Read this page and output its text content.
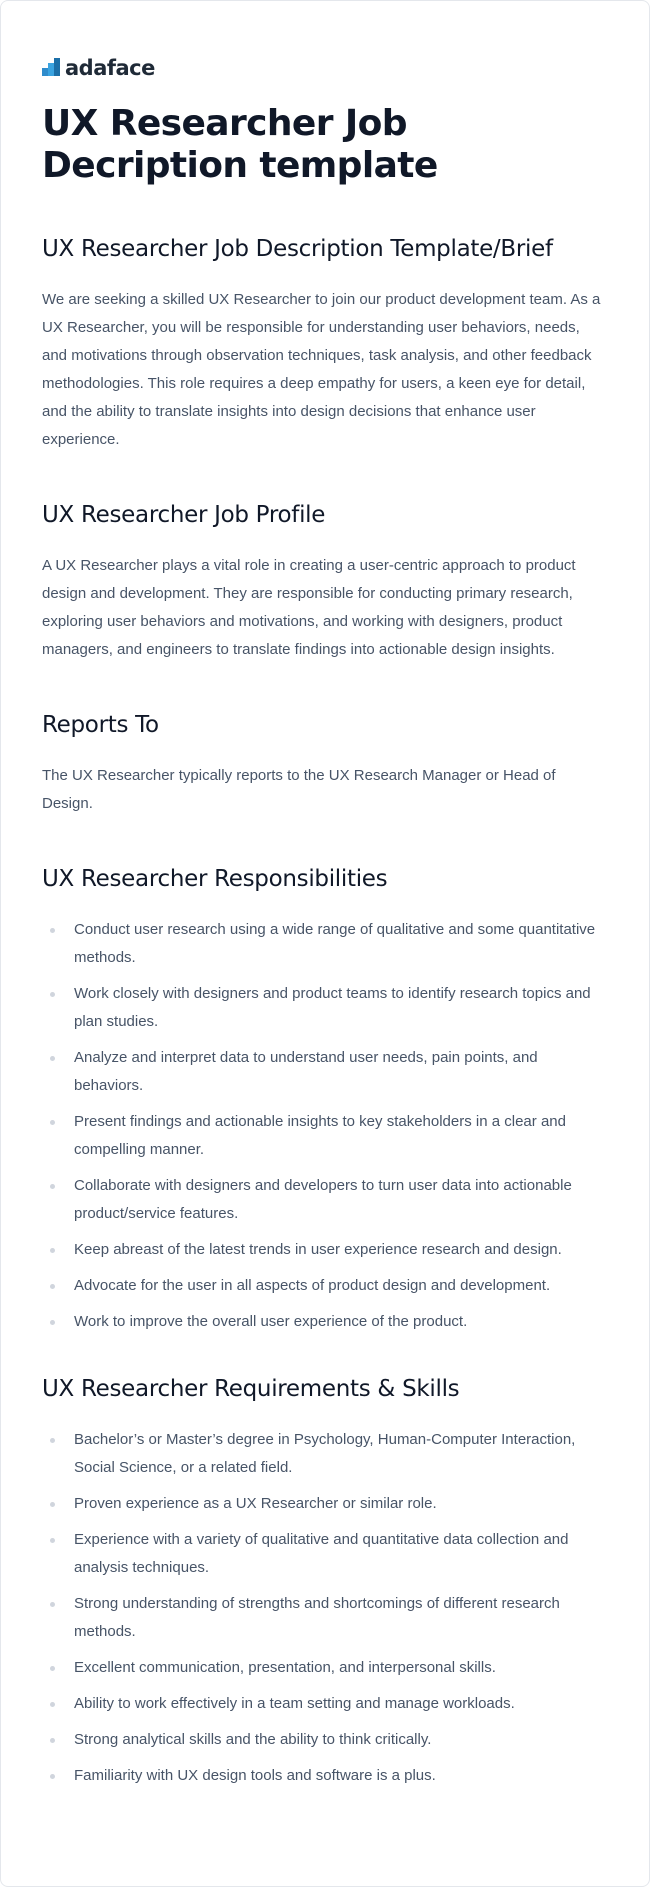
adaface
UX Researcher Job Decription template
UX Researcher Job Description Template/Brief

We are seeking a skilled UX Researcher to join our product development team. As a UX Researcher, you will be responsible for understanding user behaviors, needs, and motivations through observation techniques, task analysis, and other feedback methodologies. This role requires a deep empathy for users, a keen eye for detail, and the ability to translate insights into design decisions that enhance user experience.

UX Researcher Job Profile

A UX Researcher plays a vital role in creating a user-centric approach to product design and development. They are responsible for conducting primary research, exploring user behaviors and motivations, and working with designers, product managers, and engineers to translate findings into actionable design insights.

Reports To

The UX Researcher typically reports to the UX Research Manager or Head of Design.

UX Researcher Responsibilities
Conduct user research using a wide range of qualitative and some quantitative methods.
Work closely with designers and product teams to identify research topics and plan studies.
Analyze and interpret data to understand user needs, pain points, and behaviors.
Present findings and actionable insights to key stakeholders in a clear and compelling manner.
Collaborate with designers and developers to turn user data into actionable product/service features.
Keep abreast of the latest trends in user experience research and design.
Advocate for the user in all aspects of product design and development.
Work to improve the overall user experience of the product.
UX Researcher Requirements & Skills
Bachelor’s or Master’s degree in Psychology, Human-Computer Interaction, Social Science, or a related field.
Proven experience as a UX Researcher or similar role.
Experience with a variety of qualitative and quantitative data collection and analysis techniques.
Strong understanding of strengths and shortcomings of different research methods.
Excellent communication, presentation, and interpersonal skills.
Ability to work effectively in a team setting and manage workloads.
Strong analytical skills and the ability to think critically.
Familiarity with UX design tools and software is a plus.
